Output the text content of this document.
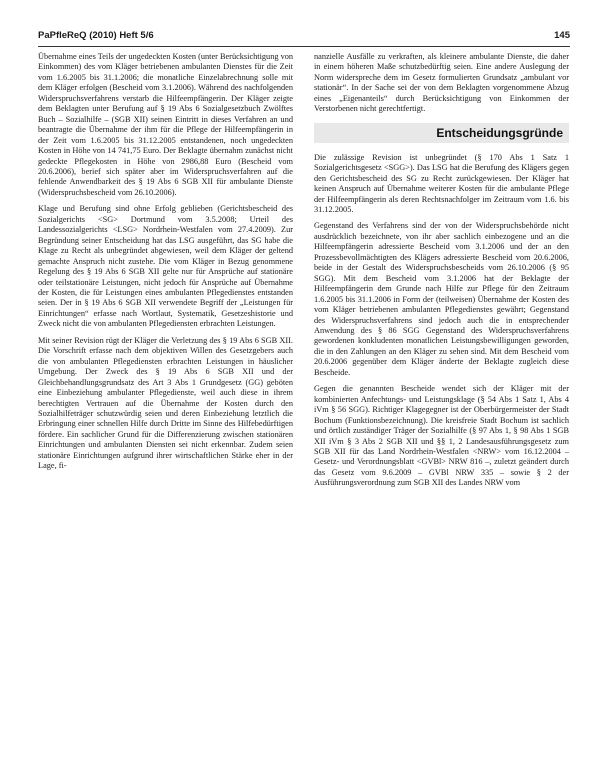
PaPfleReQ (2010) Heft 5/6	145

Übernahme eines Teils der ungedeckten Kosten (unter Berücksichtigung von Einkommen) des vom Kläger betriebenen ambulanten Dienstes für die Zeit vom 1.6.2005 bis 31.1.2006; die monatliche Einzelabrechnung solle mit dem Kläger erfolgen (Bescheid vom 3.1.2006). Während des nachfolgenden Widerspruchsverfahrens verstarb die Hilfeempfängerin. Der Kläger zeigte dem Beklagten unter Berufung auf § 19 Abs 6 Sozialgesetzbuch Zwölftes Buch – Sozialhilfe – (SGB XII) seinen Eintritt in dieses Verfahren an und beantragte die Übernahme der ihm für die Pflege der Hilfeempfängerin in der Zeit vom 1.6.2005 bis 31.12.2005 entstandenen, noch ungedeckten Kosten in Höhe von 14 741,75 Euro. Der Beklagte übernahm zunächst nicht gedeckte Pflegekosten in Höhe von 2986,88 Euro (Bescheid vom 20.6.2006), berief sich später aber im Widerspruchsverfahren auf die fehlende Anwendbarkeit des § 19 Abs 6 SGB XII für ambulante Dienste (Widerspruchsbescheid vom 26.10.2006).

Klage und Berufung sind ohne Erfolg geblieben (Gerichtsbescheid des Sozialgerichts <SG> Dortmund vom 3.5.2008; Urteil des Landessozialgerichts <LSG> Nordrhein-Westfalen vom 27.4.2009). Zur Begründung seiner Entscheidung hat das LSG ausgeführt, das SG habe die Klage zu Recht als unbegründet abgewiesen, weil dem Kläger der geltend gemachte Anspruch nicht zustehe. Die vom Kläger in Bezug genommene Regelung des § 19 Abs 6 SGB XII gelte nur für Ansprüche auf stationäre oder teilstationäre Leistungen, nicht jedoch für Ansprüche auf Übernahme der Kosten, die für Leistungen eines ambulanten Pflegedienstes entstanden seien. Der in § 19 Abs 6 SGB XII verwendete Begriff der „Leistungen für Einrichtungen“ erfasse nach Wortlaut, Systematik, Gesetzeshistorie und Zweck nicht die von ambulanten Pflegediensten erbrachten Leistungen.

Mit seiner Revision rügt der Kläger die Verletzung des § 19 Abs 6 SGB XII. Die Vorschrift erfasse nach dem objektiven Willen des Gesetzgebers auch die von ambulanten Pflegediensten erbrachten Leistungen in häuslicher Umgebung. Der Zweck des § 19 Abs 6 SGB XII und der Gleichbehandlungsgrundsatz des Art 3 Abs 1 Grundgesetz (GG) geböten eine Einbeziehung ambulanter Pflegedienste, weil auch diese in ihrem berechtigten Vertrauen auf die Übernahme der Kosten durch den Sozialhilfeträger schutzwürdig seien und deren Einbeziehung letztlich die Erbringung einer schnellen Hilfe durch Dritte im Sinne des Hilfebedürftigen fördere. Ein sachlicher Grund für die Differenzierung zwischen stationären Einrichtungen und ambulanten Diensten sei nicht erkennbar. Zudem seien stationäre Einrichtungen aufgrund ihrer wirtschaftlichen Stärke eher in der Lage, fi-

nanzielle Ausfälle zu verkraften, als kleinere ambulante Dienste, die daher in einem höheren Maße schutzbedürftig seien. Eine andere Auslegung der Norm widerspreche dem im Gesetz formulierten Grundsatz „ambulant vor stationär“. In der Sache sei der von dem Beklagten vorgenommene Abzug eines „Eigenanteils“ durch Berücksichtigung von Einkommen der Verstorbenen nicht gerechtfertigt.

Entscheidungsgründe

Die zulässige Revision ist unbegründet (§ 170 Abs 1 Satz 1 Sozialgerichtsgesetz <SGG>). Das LSG hat die Berufung des Klägers gegen den Gerichtsbescheid des SG zu Recht zurückgewiesen. Der Kläger hat keinen Anspruch auf Übernahme weiterer Kosten für die ambulante Pflege der Hilfeempfängerin als deren Rechtsnachfolger im Zeitraum vom 1.6. bis 31.12.2005.

Gegenstand des Verfahrens sind der von der Widerspruchsbehörde nicht ausdrücklich bezeichnete, von ihr aber sachlich einbezogene und an die Hilfeempfängerin adressierte Bescheid vom 3.1.2006 und der an den Prozessbevollmächtigten des Klägers adressierte Bescheid vom 20.6.2006, beide in der Gestalt des Widerspruchsbescheids vom 26.10.2006 (§ 95 SGG). Mit dem Bescheid vom 3.1.2006 hat der Beklagte der Hilfeempfängerin dem Grunde nach Hilfe zur Pflege für den Zeitraum 1.6.2005 bis 31.1.2006 in Form der (teilweisen) Übernahme der Kosten des vom Kläger betriebenen ambulanten Pflegedienstes gewährt; Gegenstand des Widerspruchsverfahrens sind jedoch auch die in entsprechender Anwendung des § 86 SGG Gegenstand des Widerspruchsverfahrens gewordenen konkludenten monatlichen Leistungsbewilligungen geworden, die in den Zahlungen an den Kläger zu sehen sind. Mit dem Bescheid vom 20.6.2006 gegenüber dem Kläger änderte der Beklagte zugleich diese Bescheide.

Gegen die genannten Bescheide wendet sich der Kläger mit der kombinierten Anfechtungs- und Leistungsklage (§ 54 Abs 1 Satz 1, Abs 4 iVm § 56 SGG). Richtiger Klagegegner ist der Oberbürgermeister der Stadt Bochum (Funktionsbezeichnung). Die kreisfreie Stadt Bochum ist sachlich und örtlich zuständiger Träger der Sozialhilfe (§ 97 Abs 1, § 98 Abs 1 SGB XII iVm § 3 Abs 2 SGB XII und §§ 1, 2 Landesausführungsgesetz zum SGB XII für das Land Nordrhein-Westfalen <NRW> vom 16.12.2004 – Gesetz- und Verordnungsblatt <GVBl> NRW 816 –, zuletzt geändert durch das Gesetz vom 9.6.2009 – GVBl NRW 335 – sowie § 2 der Ausführungsverordnung zum SGB XII des Landes NRW vom
